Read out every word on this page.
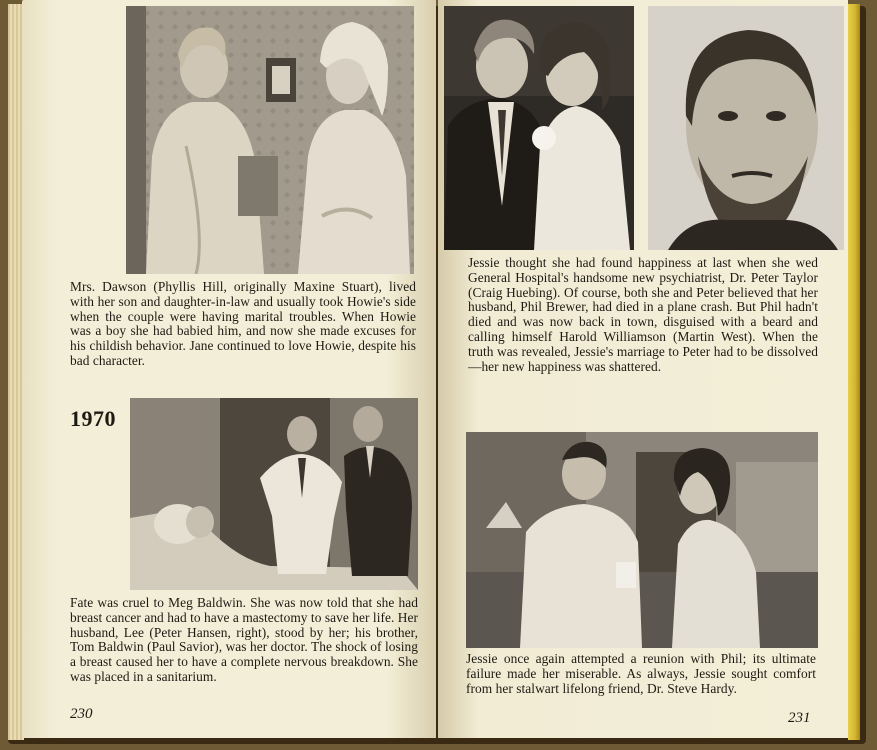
Mrs. Dawson (Phyllis Hill, originally Maxine Stuart), lived with her son and daughter-in-law and usually took Howie's side when the couple were having marital troubles. When Howie was a boy she had babied him, and now she made excuses for his childish behavior. Jane continued to love Howie, despite his bad character.
1970
Fate was cruel to Meg Baldwin. She was now told that she had breast cancer and had to have a mastectomy to save her life. Her husband, Lee (Peter Hansen, right), stood by her; his brother, Tom Baldwin (Paul Savior), was her doctor. The shock of losing a breast caused her to have a complete nervous breakdown. She was placed in a sanitarium.
230
Jessie thought she had found happiness at last when she wed General Hospital's handsome new psychiatrist, Dr. Peter Taylor (Craig Huebing). Of course, both she and Peter believed that her husband, Phil Brewer, had died in a plane crash. But Phil hadn't died and was now back in town, disguised with a beard and calling himself Harold Williamson (Martin West). When the truth was revealed, Jessie's marriage to Peter had to be dissolved—her new happiness was shattered.
Jessie once again attempted a reunion with Phil; its ultimate failure made her miserable. As always, Jessie sought comfort from her stalwart lifelong friend, Dr. Steve Hardy.
231
